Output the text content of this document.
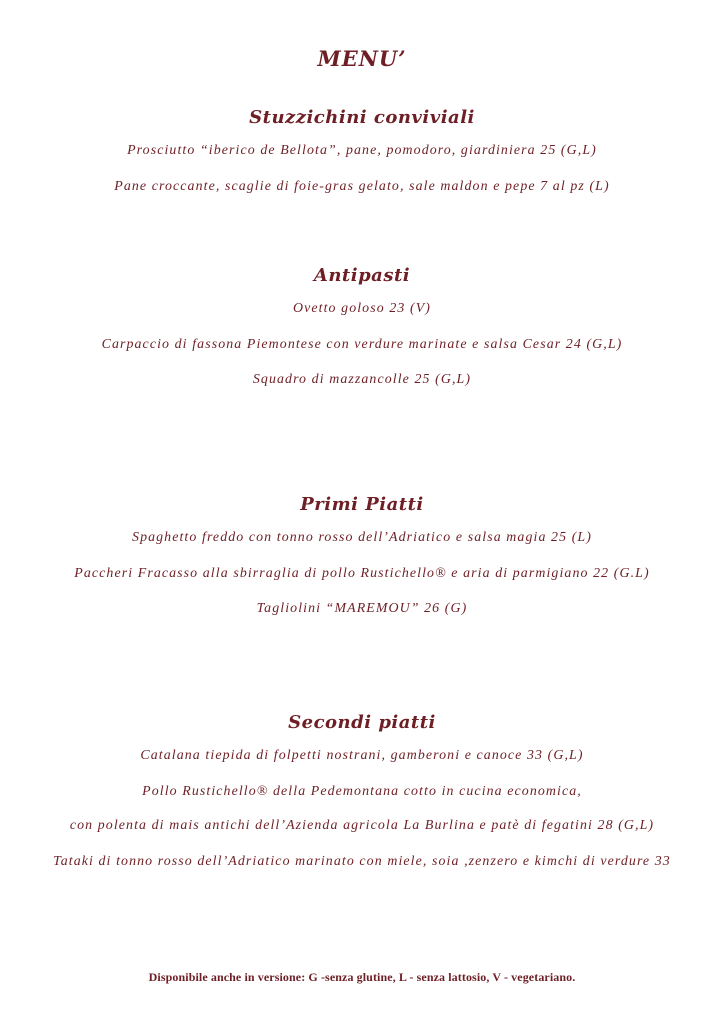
MENU’
Stuzzichini conviviali

Prosciutto “iberico de Bellota”, pane, pomodoro, giardiniera 25 (G,L)

Pane croccante, scaglie di foie-gras gelato, sale maldon e pepe 7 al pz (L)

Antipasti

Ovetto goloso 23 (V)

Carpaccio di fassona Piemontese con verdure marinate e salsa Cesar 24 (G,L)

Squadro di mazzancolle 25 (G,L)

Primi Piatti

Spaghetto freddo con tonno rosso dell’Adriatico e salsa magia 25 (L)

Paccheri Fracasso alla sbirraglia di pollo Rustichello® e aria di parmigiano 22 (G.L)

Tagliolini “MAREMOU” 26 (G)

Secondi piatti

Catalana tiepida di folpetti nostrani, gamberoni e canoce 33 (G,L)

Pollo Rustichello® della Pedemontana cotto in cucina economica,

con polenta di mais antichi dell’Azienda agricola La Burlina e patè di fegatini 28 (G,L)

Tataki di tonno rosso dell’Adriatico marinato con miele, soia ,zenzero e kimchi di verdure 33

Disponibile anche in versione: G -senza glutine, L - senza lattosio, V - vegetariano.
